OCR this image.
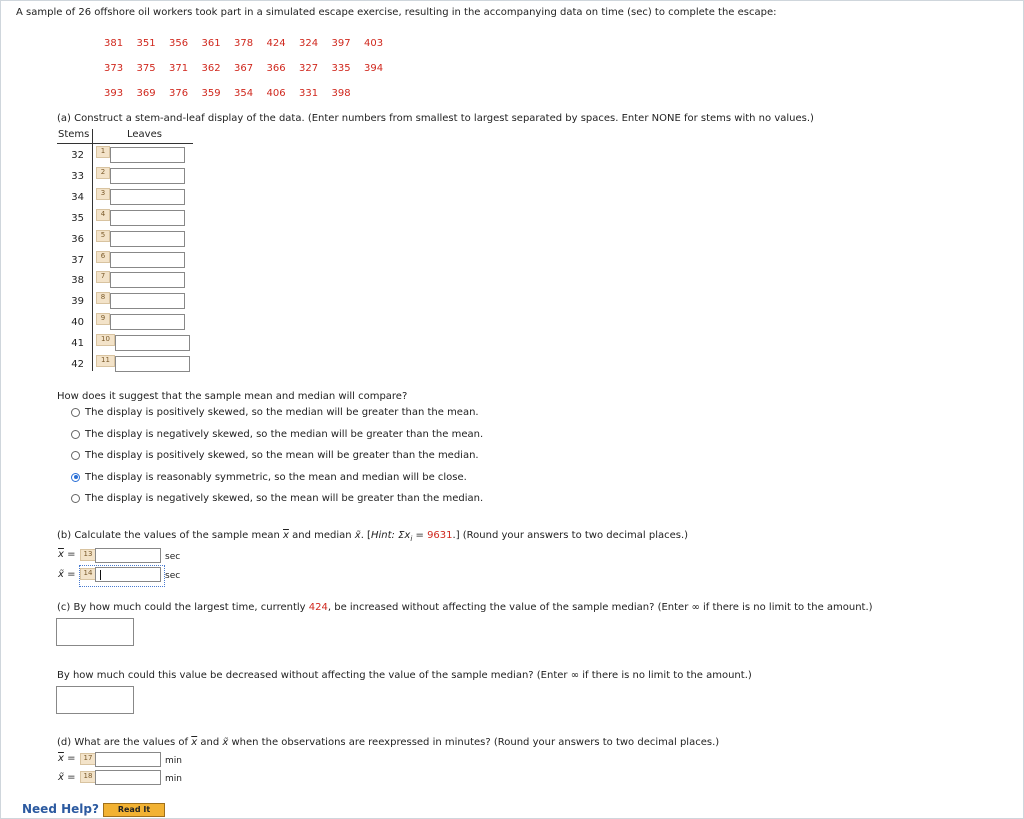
A sample of 26 offshore oil workers took part in a simulated escape exercise, resulting in the accompanying data on time (sec) to complete the escape:
381 351 356 361 378 424 324 397 403
373 375 371 362 367 366 327 335 394
393 369 376 359 354 406 331 398
(a) Construct a stem-and-leaf display of the data. (Enter numbers from smallest to largest separated by spaces. Enter NONE for stems with no values.)
Stems	Leaves
32	1
33	2
34	3
35	4
36	5
37	6
38	7
39	8
40	9
41	10
42	11
How does it suggest that the sample mean and median will compare?
The display is positively skewed, so the median will be greater than the mean.
The display is negatively skewed, so the median will be greater than the mean.
The display is positively skewed, so the mean will be greater than the median.
The display is reasonably symmetric, so the mean and median will be close.
The display is negatively skewed, so the mean will be greater than the median.
(b) Calculate the values of the sample mean $\overline{x}$ and median x̃. [Hint: $\Sigma x_i = 9631$.] (Round your answers to two decimal places.)
$\overline{x}$ =	13	sec
x̃ =	14	sec
(c) By how much could the largest time, currently 424, be increased without affecting the value of the sample median? (Enter ∞ if there is no limit to the amount.)
By how much could this value be decreased without affecting the value of the sample median? (Enter ∞ if there is no limit to the amount.)
(d) What are the values of $\overline{x}$ and x̃ when the observations are reexpressed in minutes? (Round your answers to two decimal places.)
$\overline{x}$ =	17	min
x̃ =	18	min
Need Help?	Read It
